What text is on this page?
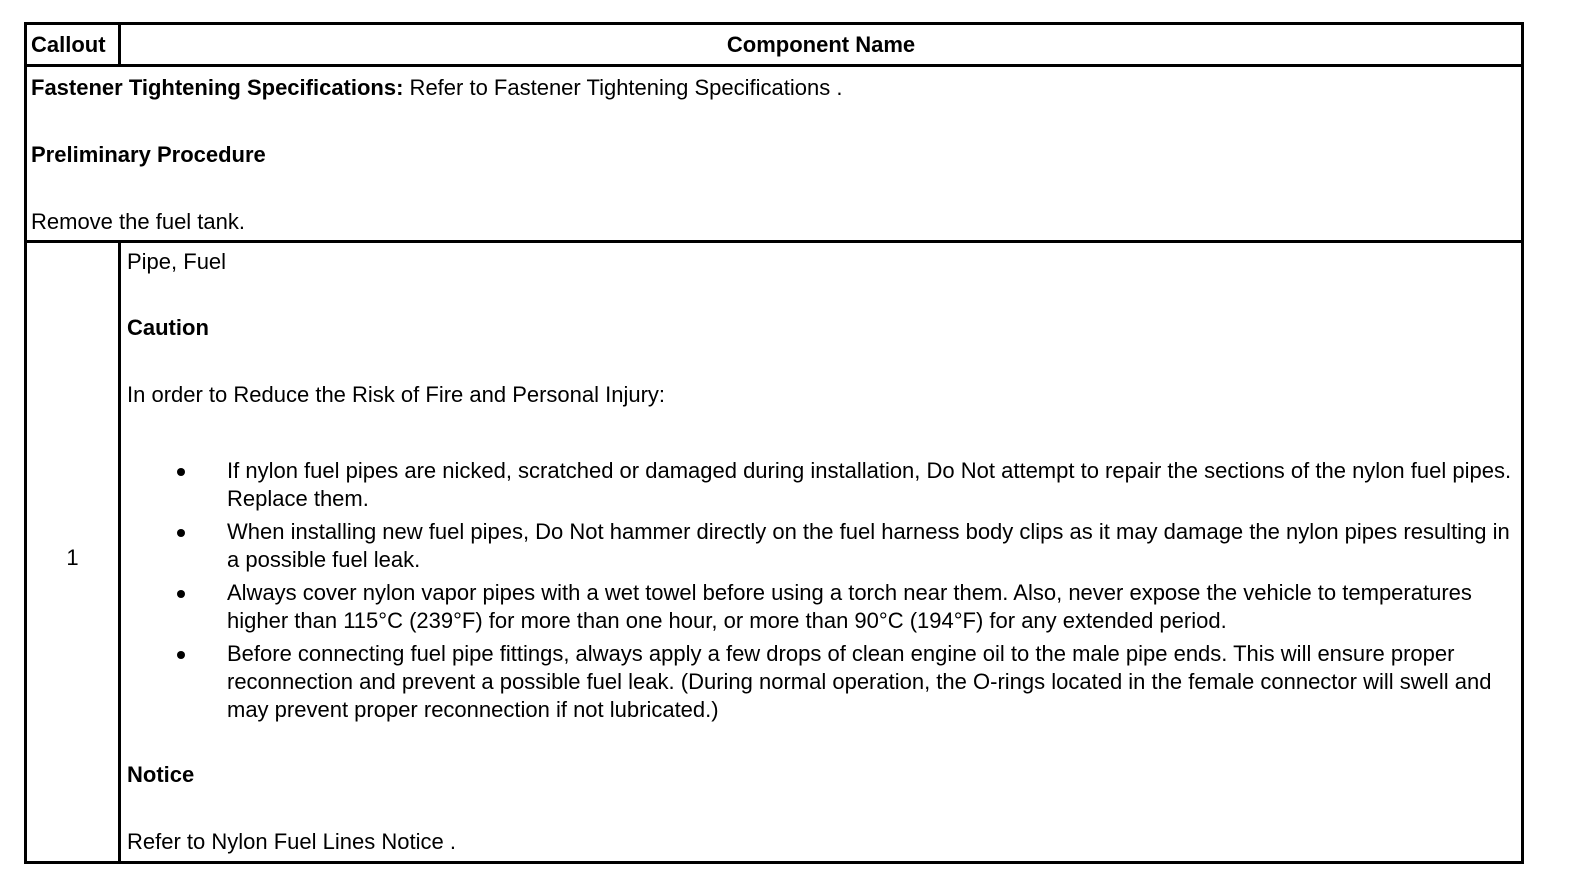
Callout	Component Name

Fastener Tightening Specifications: Refer to Fastener Tightening Specifications .

Preliminary Procedure

Remove the fuel tank.

1

Pipe, Fuel

Caution

In order to Reduce the Risk of Fire and Personal Injury:

If nylon fuel pipes are nicked, scratched or damaged during installation, Do Not attempt to repair the sections of the nylon fuel pipes. Replace them.
When installing new fuel pipes, Do Not hammer directly on the fuel harness body clips as it may damage the nylon pipes resulting in a possible fuel leak.
Always cover nylon vapor pipes with a wet towel before using a torch near them. Also, never expose the vehicle to temperatures higher than 115°C (239°F) for more than one hour, or more than 90°C (194°F) for any extended period.
Before connecting fuel pipe fittings, always apply a few drops of clean engine oil to the male pipe ends. This will ensure proper reconnection and prevent a possible fuel leak. (During normal operation, the O-rings located in the female connector will swell and may prevent proper reconnection if not lubricated.)

Notice

Refer to Nylon Fuel Lines Notice .
